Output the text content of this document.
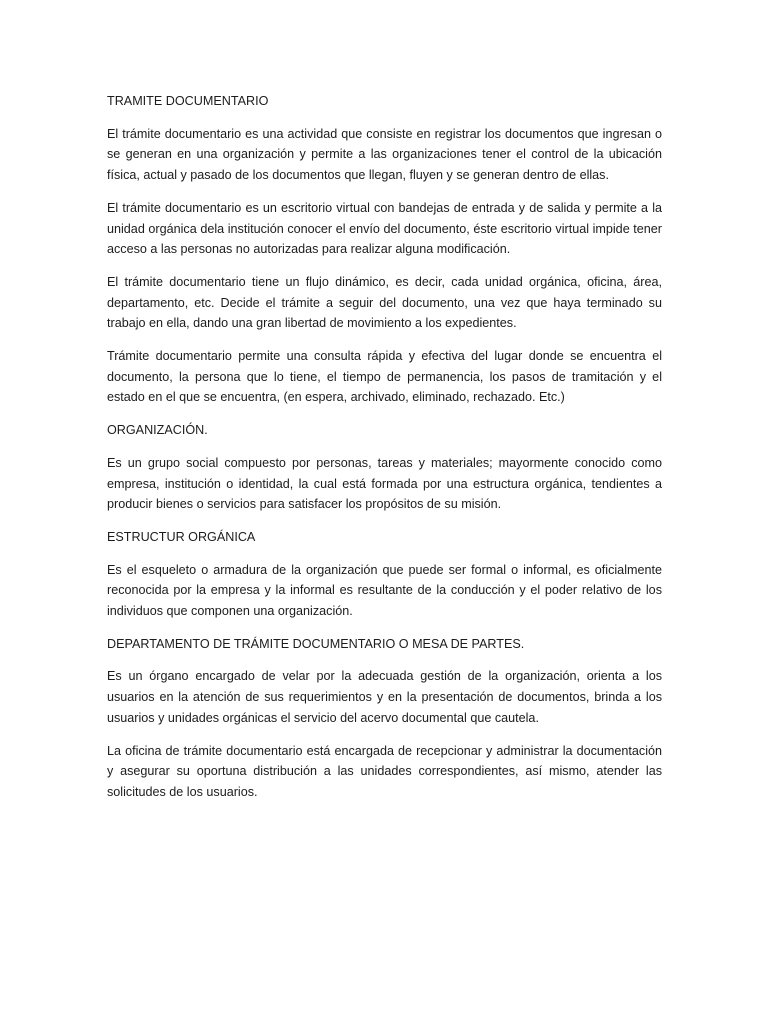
TRAMITE DOCUMENTARIO

El trámite documentario es una actividad que consiste en registrar los documentos que ingresan o se generan en una organización y permite a las organizaciones tener el control de la ubicación física, actual y pasado de los documentos que llegan, fluyen y se generan dentro de ellas.

El trámite documentario es un escritorio virtual con bandejas de entrada y de salida y permite a la unidad orgánica dela institución conocer el envío del documento, éste escritorio virtual impide tener acceso a las personas no autorizadas para realizar alguna modificación.

El trámite documentario tiene un flujo dinámico, es decir, cada unidad orgánica, oficina, área, departamento, etc. Decide el trámite a seguir del documento, una vez que haya terminado su trabajo en ella, dando una gran libertad de movimiento a los expedientes.

Trámite documentario permite una consulta rápida y efectiva del lugar donde se encuentra el documento, la persona que lo tiene, el tiempo de permanencia, los pasos de tramitación y el estado en el que se encuentra, (en espera, archivado, eliminado, rechazado. Etc.)

ORGANIZACIÓN.

Es un grupo social compuesto por personas, tareas y materiales; mayormente conocido como empresa, institución o identidad, la cual está formada por una estructura orgánica, tendientes a producir bienes o servicios para satisfacer los propósitos de su misión.

ESTRUCTUR ORGÁNICA

Es el esqueleto o armadura de la organización que puede ser formal o informal, es oficialmente reconocida por la empresa y la informal es resultante de la conducción y el poder relativo de los individuos que componen una organización.

DEPARTAMENTO DE TRÁMITE DOCUMENTARIO O MESA DE PARTES.

Es un órgano encargado de velar por la adecuada gestión de la organización, orienta a los usuarios en la atención de sus requerimientos y en la presentación de documentos, brinda a los usuarios y unidades orgánicas el servicio del acervo documental que cautela.

La oficina de trámite documentario está encargada de recepcionar y administrar la documentación y asegurar su oportuna distribución a las unidades correspondientes, así mismo, atender las solicitudes de los usuarios.
